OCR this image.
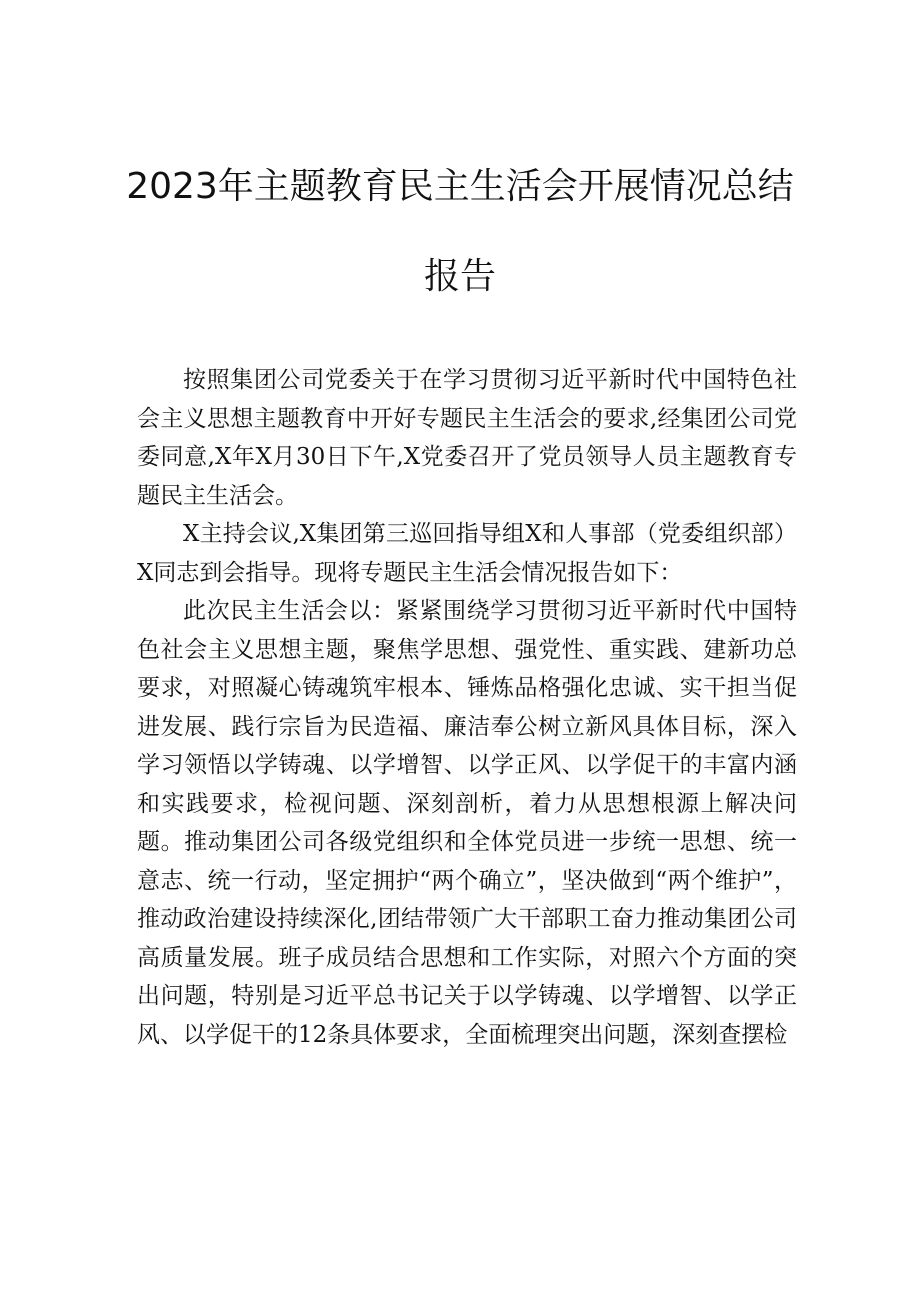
2023年主题教育民主生活会开展情况总结
报告

按照集团公司党委关于在学习贯彻习近平新时代中国特色社会主义思想主题教育中开好专题民主生活会的要求,经集团公司党委同意,X年X月30日下午,X党委召开了党员领导人员主题教育专题民主生活会。

X主持会议,X集团第三巡回指导组X和人事部（党委组织部）X同志到会指导。现将专题民主生活会情况报告如下：

此次民主生活会以：紧紧围绕学习贯彻习近平新时代中国特色社会主义思想主题，聚焦学思想、强党性、重实践、建新功总要求，对照凝心铸魂筑牢根本、锤炼品格强化忠诚、实干担当促进发展、践行宗旨为民造福、廉洁奉公树立新风具体目标，深入学习领悟以学铸魂、以学增智、以学正风、以学促干的丰富内涵和实践要求，检视问题、深刻剖析，着力从思想根源上解决问题。推动集团公司各级党组织和全体党员进一步统一思想、统一意志、统一行动，坚定拥护“两个确立”，坚决做到“两个维护”，推动政治建设持续深化,团结带领广大干部职工奋力推动集团公司高质量发展。班子成员结合思想和工作实际，对照六个方面的突出问题，特别是习近平总书记关于以学铸魂、以学增智、以学正风、以学促干的12条具体要求，全面梳理突出问题，深刻查摆检
